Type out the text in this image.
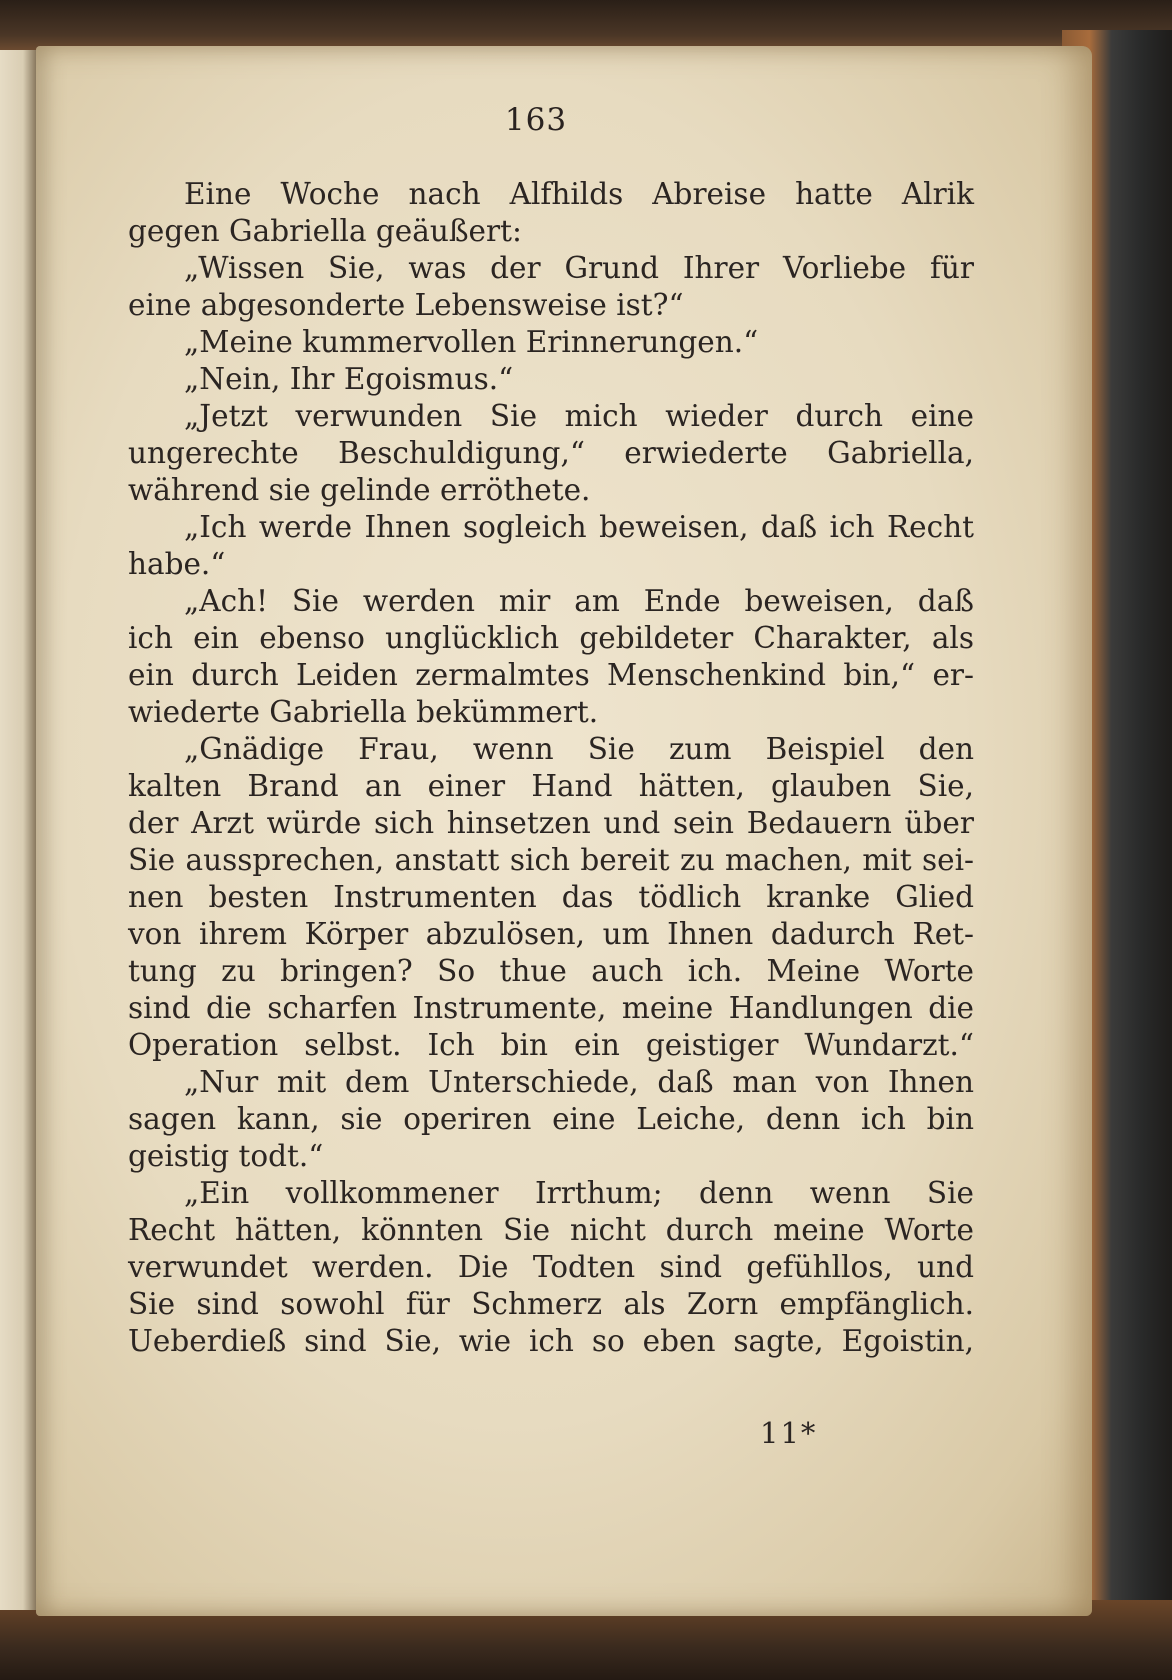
163
Eine Woche nach Alfhilds Abreise hatte Alrik
gegen Gabriella geäußert:
„Wissen Sie, was der Grund Ihrer Vorliebe für
eine abgesonderte Lebensweise ist?“
„Meine kummervollen Erinnerungen.“
„Nein, Ihr Egoismus.“
„Jetzt verwunden Sie mich wieder durch eine
ungerechte Beschuldigung,“ erwiederte Gabriella,
während sie gelinde erröthete.
„Ich werde Ihnen sogleich beweisen, daß ich Recht
habe.“
„Ach! Sie werden mir am Ende beweisen, daß
ich ein ebenso unglücklich gebildeter Charakter, als
ein durch Leiden zermalmtes Menschenkind bin,“ er-
wiederte Gabriella bekümmert.
„Gnädige Frau, wenn Sie zum Beispiel den
kalten Brand an einer Hand hätten, glauben Sie,
der Arzt würde sich hinsetzen und sein Bedauern über
Sie aussprechen, anstatt sich bereit zu machen, mit sei-
nen besten Instrumenten das tödlich kranke Glied
von ihrem Körper abzulösen, um Ihnen dadurch Ret-
tung zu bringen? So thue auch ich. Meine Worte
sind die scharfen Instrumente, meine Handlungen die
Operation selbst. Ich bin ein geistiger Wundarzt.“
„Nur mit dem Unterschiede, daß man von Ihnen
sagen kann, sie operiren eine Leiche, denn ich bin
geistig todt.“
„Ein vollkommener Irrthum; denn wenn Sie
Recht hätten, könnten Sie nicht durch meine Worte
verwundet werden. Die Todten sind gefühllos, und
Sie sind sowohl für Schmerz als Zorn empfänglich.
Ueberdieß sind Sie, wie ich so eben sagte, Egoistin,
11*
